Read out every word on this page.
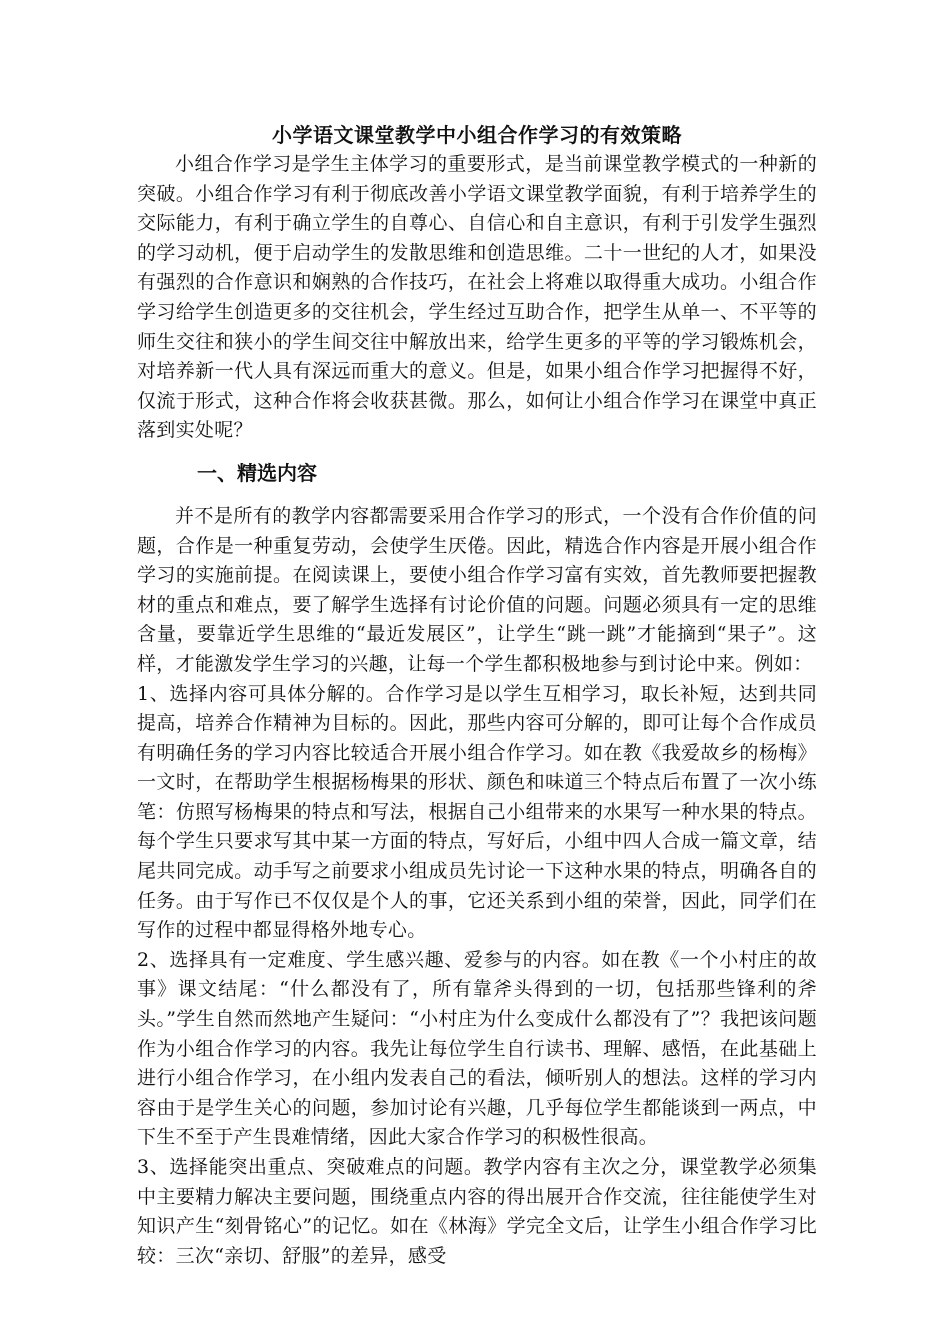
小学语文课堂教学中小组合作学习的有效策略

小组合作学习是学生主体学习的重要形式，是当前课堂教学模式的一种新的突破。小组合作学习有利于彻底改善小学语文课堂教学面貌，有利于培养学生的交际能力，有利于确立学生的自尊心、自信心和自主意识，有利于引发学生强烈的学习动机，便于启动学生的发散思维和创造思维。二十一世纪的人才，如果没有强烈的合作意识和娴熟的合作技巧，在社会上将难以取得重大成功。小组合作学习给学生创造更多的交往机会，学生经过互助合作，把学生从单一、不平等的师生交往和狭小的学生间交往中解放出来，给学生更多的平等的学习锻炼机会，对培养新一代人具有深远而重大的意义。但是，如果小组合作学习把握得不好，仅流于形式，这种合作将会收获甚微。那么，如何让小组合作学习在课堂中真正落到实处呢？

一、精选内容

并不是所有的教学内容都需要采用合作学习的形式，一个没有合作价值的问题，合作是一种重复劳动，会使学生厌倦。因此，精选合作内容是开展小组合作学习的实施前提。在阅读课上，要使小组合作学习富有实效，首先教师要把握教材的重点和难点，要了解学生选择有讨论价值的问题。问题必须具有一定的思维含量，要靠近学生思维的“最近发展区”，让学生“跳一跳”才能摘到“果子”。这样，才能激发学生学习的兴趣，让每一个学生都积极地参与到讨论中来。例如：

1、选择内容可具体分解的。合作学习是以学生互相学习，取长补短，达到共同提高，培养合作精神为目标的。因此，那些内容可分解的，即可让每个合作成员有明确任务的学习内容比较适合开展小组合作学习。如在教《我爱故乡的杨梅》一文时，在帮助学生根据杨梅果的形状、颜色和味道三个特点后布置了一次小练笔：仿照写杨梅果的特点和写法，根据自己小组带来的水果写一种水果的特点。每个学生只要求写其中某一方面的特点，写好后，小组中四人合成一篇文章，结尾共同完成。动手写之前要求小组成员先讨论一下这种水果的特点，明确各自的任务。由于写作已不仅仅是个人的事，它还关系到小组的荣誉，因此，同学们在写作的过程中都显得格外地专心。

2、选择具有一定难度、学生感兴趣、爱参与的内容。如在教《一个小村庄的故事》课文结尾：“什么都没有了，所有靠斧头得到的一切，包括那些锋利的斧头。”学生自然而然地产生疑问：“小村庄为什么变成什么都没有了”？我把该问题作为小组合作学习的内容。我先让每位学生自行读书、理解、感悟，在此基础上进行小组合作学习，在小组内发表自己的看法，倾听别人的想法。这样的学习内容由于是学生关心的问题，参加讨论有兴趣，几乎每位学生都能谈到一两点，中下生不至于产生畏难情绪，因此大家合作学习的积极性很高。

3、选择能突出重点、突破难点的问题。教学内容有主次之分，课堂教学必须集中主要精力解决主要问题，围绕重点内容的得出展开合作交流，往往能使学生对知识产生“刻骨铭心”的记忆。如在《林海》学完全文后，让学生小组合作学习比较：三次“亲切、舒服”的差异，感受
